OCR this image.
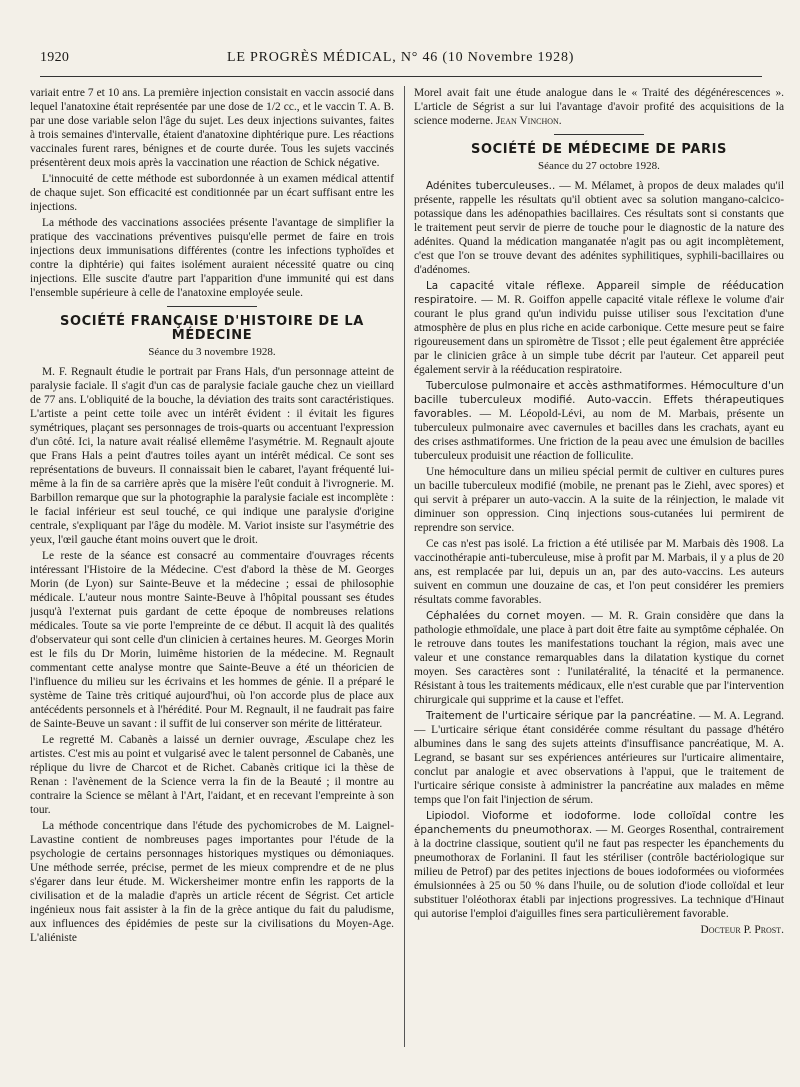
1920	LE PROGRÈS MÉDICAL, N° 46 (10 Novembre 1928)

variait entre 7 et 10 ans. La première injection consistait en vaccin associé dans lequel l'anatoxine était représentée par une dose de 1/2 cc., et le vaccin T. A. B. par une dose variable selon l'âge du sujet. Les deux injections suivantes, faites à trois semaines d'intervalle, étaient d'anatoxine diphtérique pure. Les réactions vaccinales furent rares, bénignes et de courte durée. Tous les sujets vaccinés présentèrent deux mois après la vaccination une réaction de Schick négative.

L'innocuité de cette méthode est subordonnée à un examen médical attentif de chaque sujet. Son efficacité est conditionnée par un écart suffisant entre les injections.

La méthode des vaccinations associées présente l'avantage de simplifier la pratique des vaccinations préventives puisqu'elle permet de faire en trois injections deux immunisations différentes (contre les infections typhoïdes et contre la diphtérie) qui faites isolément auraient nécessité quatre ou cinq injections. Elle suscite d'autre part l'apparition d'une immunité qui est dans l'ensemble supérieure à celle de l'anatoxine employée seule.

SOCIÉTÉ FRANÇAISE D'HISTOIRE DE LA MÉDECINE
Séance du 3 novembre 1928.

M. F. Regnault étudie le portrait par Frans Hals, d'un personnage atteint de paralysie faciale. Il s'agit d'un cas de paralysie faciale gauche chez un vieillard de 77 ans. L'obliquité de la bouche, la déviation des traits sont caractéristiques. L'artiste a peint cette toile avec un intérêt évident : il évitait les figures symétriques, plaçant ses personnages de trois-quarts ou accentuant l'expression d'un côté. Ici, la nature avait réalisé ellemême l'asymétrie. M. Regnault ajoute que Frans Hals a peint d'autres toiles ayant un intérêt médical. Ce sont ses représentations de buveurs. Il connaissait bien le cabaret, l'ayant fréquenté lui-même à la fin de sa carrière après que la misère l'eût conduit à l'ivrognerie. M. Barbillon remarque que sur la photographie la paralysie faciale est incomplète : le facial inférieur est seul touché, ce qui indique une paralysie d'origine centrale, s'expliquant par l'âge du modèle. M. Variot insiste sur l'asymétrie des yeux, l'œil gauche étant moins ouvert que le droit.

Le reste de la séance est consacré au commentaire d'ouvrages récents intéressant l'Histoire de la Médecine. C'est d'abord la thèse de M. Georges Morin (de Lyon) sur Sainte-Beuve et la médecine ; essai de philosophie médicale. L'auteur nous montre Sainte-Beuve à l'hôpital poussant ses études jusqu'à l'externat puis gardant de cette époque de nombreuses relations médicales. Toute sa vie porte l'empreinte de ce début. Il acquit là des qualités d'observateur qui sont celle d'un clinicien à certaines heures. M. Georges Morin est le fils du Dr Morin, luimême historien de la médecine. M. Regnault commentant cette analyse montre que Sainte-Beuve a été un théoricien de l'influence du milieu sur les écrivains et les hommes de génie. Il a préparé le système de Taine très critiqué aujourd'hui, où l'on accorde plus de place aux antécédents personnels et à l'hérédité. Pour M. Regnault, il ne faudrait pas faire de Sainte-Beuve un savant : il suffit de lui conserver son mérite de littérateur.

Le regretté M. Cabanès a laissé un dernier ouvrage, Æsculape chez les artistes. C'est mis au point et vulgarisé avec le talent personnel de Cabanès, une réplique du livre de Charcot et de Richet. Cabanès critique ici la thèse de Renan : l'avènement de la Science verra la fin de la Beauté ; il montre au contraire la Science se mêlant à l'Art, l'aidant, et en recevant l'empreinte à son tour.

La méthode concentrique dans l'étude des pychomicrobes de M. Laignel-Lavastine contient de nombreuses pages importantes pour l'étude de la psychologie de certains personnages historiques mystiques ou démoniaques. Une méthode serrée, précise, permet de les mieux comprendre et de ne plus s'égarer dans leur étude. M. Wickersheimer montre enfin les rapports de la civilisation et de la maladie d'après un article récent de Ségrist. Cet article ingénieux nous fait assister à la fin de la grèce antique du fait du paludisme, aux influences des épidémies de peste sur la civilisations du Moyen-Age. L'aliéniste

Morel avait fait une étude analogue dans le « Traité des dégénérescences ». L'article de Ségrist a sur lui l'avantage d'avoir profité des acquisitions de la science moderne. Jean Vinchon.

SOCIÉTÉ DE MÉDECIME DE PARIS
Séance du 27 octobre 1928.

Adénites tuberculeuses.. — M. Mélamet, à propos de deux malades qu'il présente, rappelle les résultats qu'il obtient avec sa solution mangano-calcico-potassique dans les adénopathies bacillaires. Ces résultats sont si constants que le traitement peut servir de pierre de touche pour le diagnostic de la nature des adénites. Quand la médication manganatée n'agit pas ou agit incomplètement, c'est que l'on se trouve devant des adénites syphilitiques, syphili-bacillaires ou d'adénomes.

La capacité vitale réflexe. Appareil simple de rééducation respiratoire. — M. R. Goiffon appelle capacité vitale réflexe le volume d'air courant le plus grand qu'un individu puisse utiliser sous l'excitation d'une atmosphère de plus en plus riche en acide carbonique. Cette mesure peut se faire rigoureusement dans un spiromètre de Tissot ; elle peut également être appréciée par le clinicien grâce à un simple tube décrit par l'auteur. Cet appareil peut également servir à la rééducation respiratoire.

Tuberculose pulmonaire et accès asthmatiformes. Hémoculture d'un bacille tuberculeux modifié. Auto-vaccin. Effets thérapeutiques favorables. — M. Léopold-Lévi, au nom de M. Marbais, présente un tuberculeux pulmonaire avec cavernules et bacilles dans les crachats, ayant eu des crises asthmatiformes. Une friction de la peau avec une émulsion de bacilles tuberculeux produisit une réaction de folliculite.

Une hémoculture dans un milieu spécial permit de cultiver en cultures pures un bacille tuberculeux modifié (mobile, ne prenant pas le Ziehl, avec spores) et qui servit à préparer un auto-vaccin. A la suite de la réinjection, le malade vit diminuer son oppression. Cinq injections sous-cutanées lui permirent de reprendre son service.

Ce cas n'est pas isolé. La friction a été utilisée par M. Marbais dès 1908. La vaccinothérapie anti-tuberculeuse, mise à profit par M. Marbais, il y a plus de 20 ans, est remplacée par lui, depuis un an, par des auto-vaccins. Les auteurs suivent en commun une douzaine de cas, et l'on peut considérer les premiers résultats comme favorables.

Céphalées du cornet moyen. — M. R. Grain considère que dans la pathologie ethmoïdale, une place à part doit être faite au symptôme céphalée. On le retrouve dans toutes les manifestations touchant la région, mais avec une valeur et une constance remarquables dans la dilatation kystique du cornet moyen. Ses caractères sont : l'unilatéralité, la ténacité et la permanence. Résistant à tous les traitements médicaux, elle n'est curable que par l'intervention chirurgicale qui supprime et la cause et l'effet.

Traitement de l'urticaire sérique par la pancréatine. — M. A. Legrand. — L'urticaire sérique étant considérée comme résultant du passage d'hétéro albumines dans le sang des sujets atteints d'insuffisance pancréatique, M. A. Legrand, se basant sur ses expériences antérieures sur l'urticaire alimentaire, conclut par analogie et avec observations à l'appui, que le traitement de l'urticaire sérique consiste à administrer la pancréatine aux malades en même temps que l'on fait l'injection de sérum.

Lipiodol. Vioforme et iodoforme. Iode colloïdal contre les épanchements du pneumothorax. — M. Georges Rosenthal, contrairement à la doctrine classique, soutient qu'il ne faut pas respecter les épanchements du pneumothorax de Forlanini. Il faut les stériliser (contrôle bactériologique sur milieu de Petrof) par des petites injections de boues iodoformées ou vioformées émulsionnées à 25 ou 50 % dans l'huile, ou de solution d'iode colloïdal et leur substituer l'oléothorax établi par injections progressives. La technique d'Hinaut qui autorise l'emploi d'aiguilles fines sera particulièrement favorable.

Docteur P. Prost.
